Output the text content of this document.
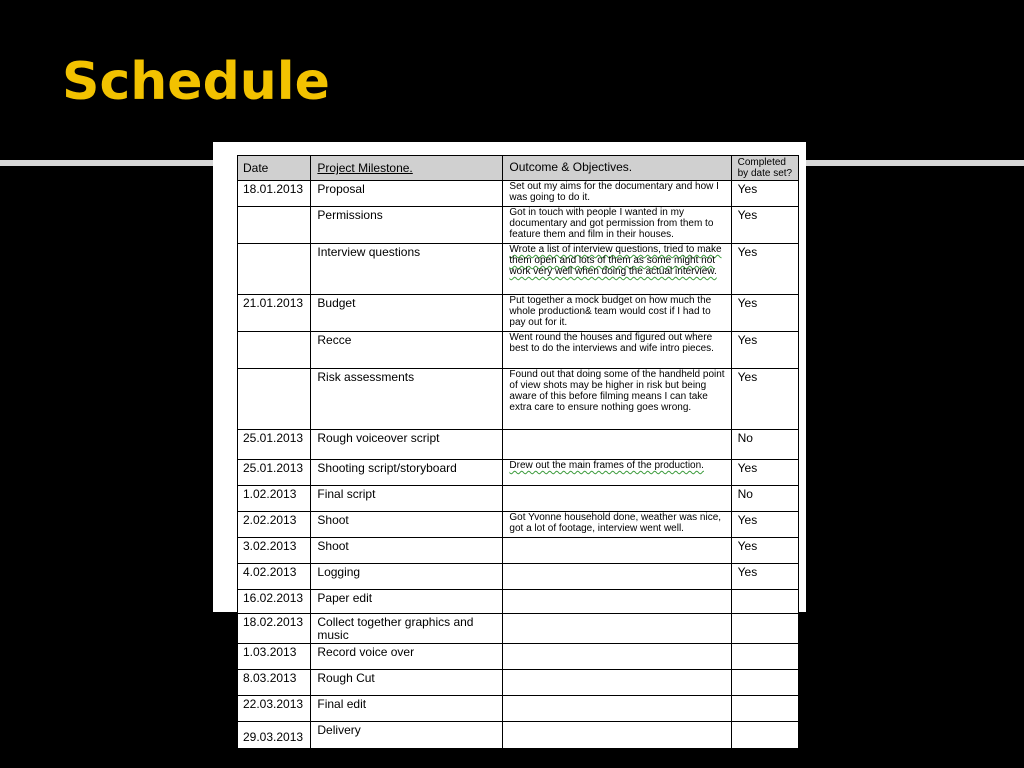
Schedule
Date	Project Milestone.	Outcome & Objectives.	Completed by date set?
18.01.2013	Proposal	Set out my aims for the documentary and how I was going to do it.	Yes
	Permissions	Got in touch with people I wanted in my documentary and got permission from them to feature them and film in their houses.	Yes
	Interview questions	Wrote a list of interview questions, tried to make them open and lots of them as some might not work very well when doing the actual interview.	Yes
21.01.2013	Budget	Put together a mock budget on how much the whole production& team would cost if I had to pay out for it.	Yes
	Recce	Went round the houses and figured out where best to do the interviews and wife intro pieces.	Yes
	Risk assessments	Found out that doing some of the handheld point of view shots may be higher in risk but being aware of this before filming means I can take extra care to ensure nothing goes wrong.	Yes
25.01.2013	Rough voiceover script		No
25.01.2013	Shooting script/storyboard	Drew out the main frames of the production.	Yes
1.02.2013	Final script		No
2.02.2013	Shoot	Got Yvonne household done, weather was nice, got a lot of footage, interview went well.	Yes
3.02.2013	Shoot		Yes
4.02.2013	Logging		Yes
16.02.2013	Paper edit		
18.02.2013	Collect together graphics and music		
1.03.2013	Record voice over		
8.03.2013	Rough Cut		
22.03.2013	Final edit		
29.03.2013	Delivery		
